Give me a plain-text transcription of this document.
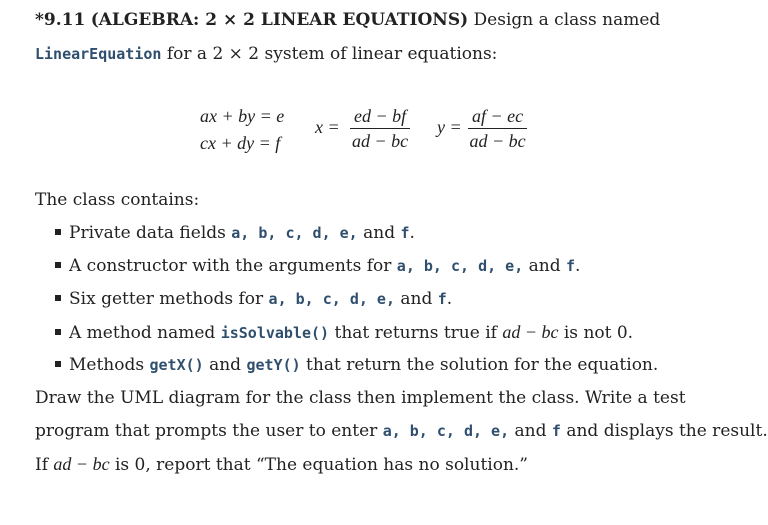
*9.11 (ALGEBRA: 2 × 2 LINEAR EQUATIONS) Design a class named
LinearEquation for a 2 × 2 system of linear equations:
ax + by = e
cx + dy = f
$x = \frac{ed - bf}{ad - bc}$ $y = \frac{af - ec}{ad - bc}$
The class contains:
Private data fields a, b, c, d, e, and f.
A constructor with the arguments for a, b, c, d, e, and f.
Six getter methods for a, b, c, d, e, and f.
A method named isSolvable() that returns true if ad − bc is not 0.
Methods getX() and getY() that return the solution for the equation.
Draw the UML diagram for the class then implement the class. Write a test
program that prompts the user to enter a, b, c, d, e, and f and displays the result.
If ad − bc is 0, report that “The equation has no solution.”
